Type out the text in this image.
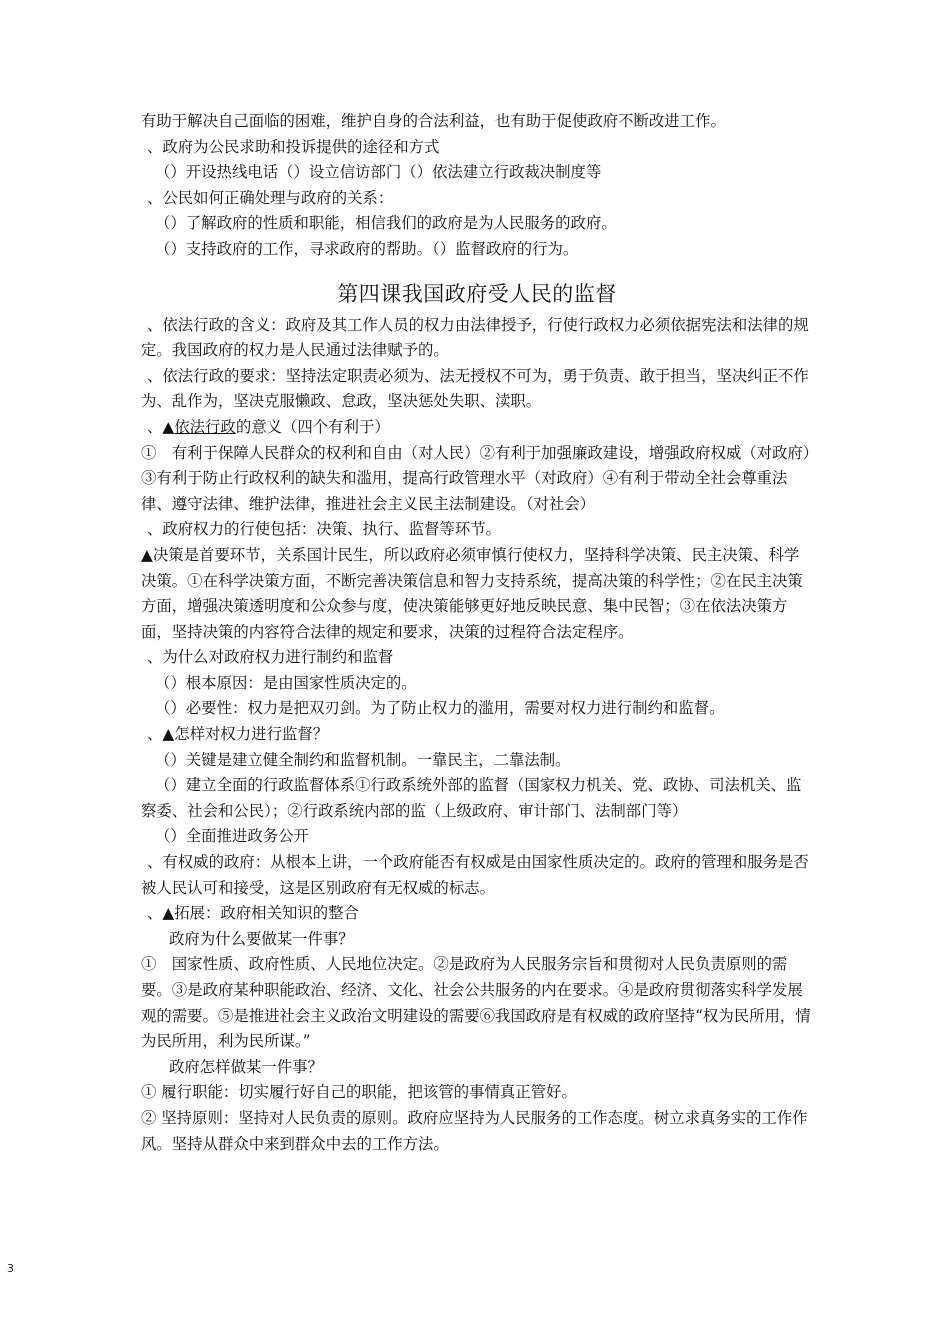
有助于解决自己面临的困难，维护自身的合法利益，也有助于促使政府不断改进工作。

、政府为公民求助和投诉提供的途径和方式

（）开设热线电话（）设立信访部门（）依法建立行政裁决制度等

、公民如何正确处理与政府的关系：

（）了解政府的性质和职能，相信我们的政府是为人民服务的政府。

（）支持政府的工作，寻求政府的帮助。（）监督政府的行为。

第四课我国政府受人民的监督

、依法行政的含义：政府及其工作人员的权力由法律授予，行使行政权力必须依据宪法和法律的规定。我国政府的权力是人民通过法律赋予的。

、依法行政的要求：坚持法定职责必须为、法无授权不可为，勇于负责、敢于担当，坚决纠正不作为、乱作为，坚决克服懒政、怠政，坚决惩处失职、渎职。

、▲依法行政的意义（四个有利于）

①　有利于保障人民群众的权利和自由（对人民）②有利于加强廉政建设，增强政府权威（对政府）③有利于防止行政权利的缺失和滥用，提高行政管理水平（对政府）④有利于带动全社会尊重法律、遵守法律、维护法律，推进社会主义民主法制建设。（对社会）

、政府权力的行使包括：决策、执行、监督等环节。

▲决策是首要环节，关系国计民生，所以政府必须审慎行使权力，坚持科学决策、民主决策、科学决策。①在科学决策方面，不断完善决策信息和智力支持系统，提高决策的科学性；②在民主决策方面，增强决策透明度和公众参与度，使决策能够更好地反映民意、集中民智；③在依法决策方面，坚持决策的内容符合法律的规定和要求，决策的过程符合法定程序。

、为什么对政府权力进行制约和监督

（）根本原因：是由国家性质决定的。

（）必要性：权力是把双刃剑。为了防止权力的滥用，需要对权力进行制约和监督。

、▲怎样对权力进行监督？

（）关键是建立健全制约和监督机制。一靠民主，二靠法制。

（）建立全面的行政监督体系①行政系统外部的监督（国家权力机关、党、政协、司法机关、监察委、社会和公民）；②行政系统内部的监（上级政府、审计部门、法制部门等）

（）全面推进政务公开

、有权威的政府：从根本上讲，一个政府能否有权威是由国家性质决定的。政府的管理和服务是否被人民认可和接受，这是区别政府有无权威的标志。

、▲拓展：政府相关知识的整合

政府为什么要做某一件事？

①　国家性质、政府性质、人民地位决定。②是政府为人民服务宗旨和贯彻对人民负责原则的需要。③是政府某种职能政治、经济、文化、社会公共服务的内在要求。④是政府贯彻落实科学发展观的需要。⑤是推进社会主义政治文明建设的需要⑥我国政府是有权威的政府坚持“权为民所用，情为民所用，利为民所谋。”

政府怎样做某一件事？

① 履行职能：切实履行好自己的职能，把该管的事情真正管好。

② 坚持原则：坚持对人民负责的原则。政府应坚持为人民服务的工作态度。树立求真务实的工作作风。坚持从群众中来到群众中去的工作方法。

3
